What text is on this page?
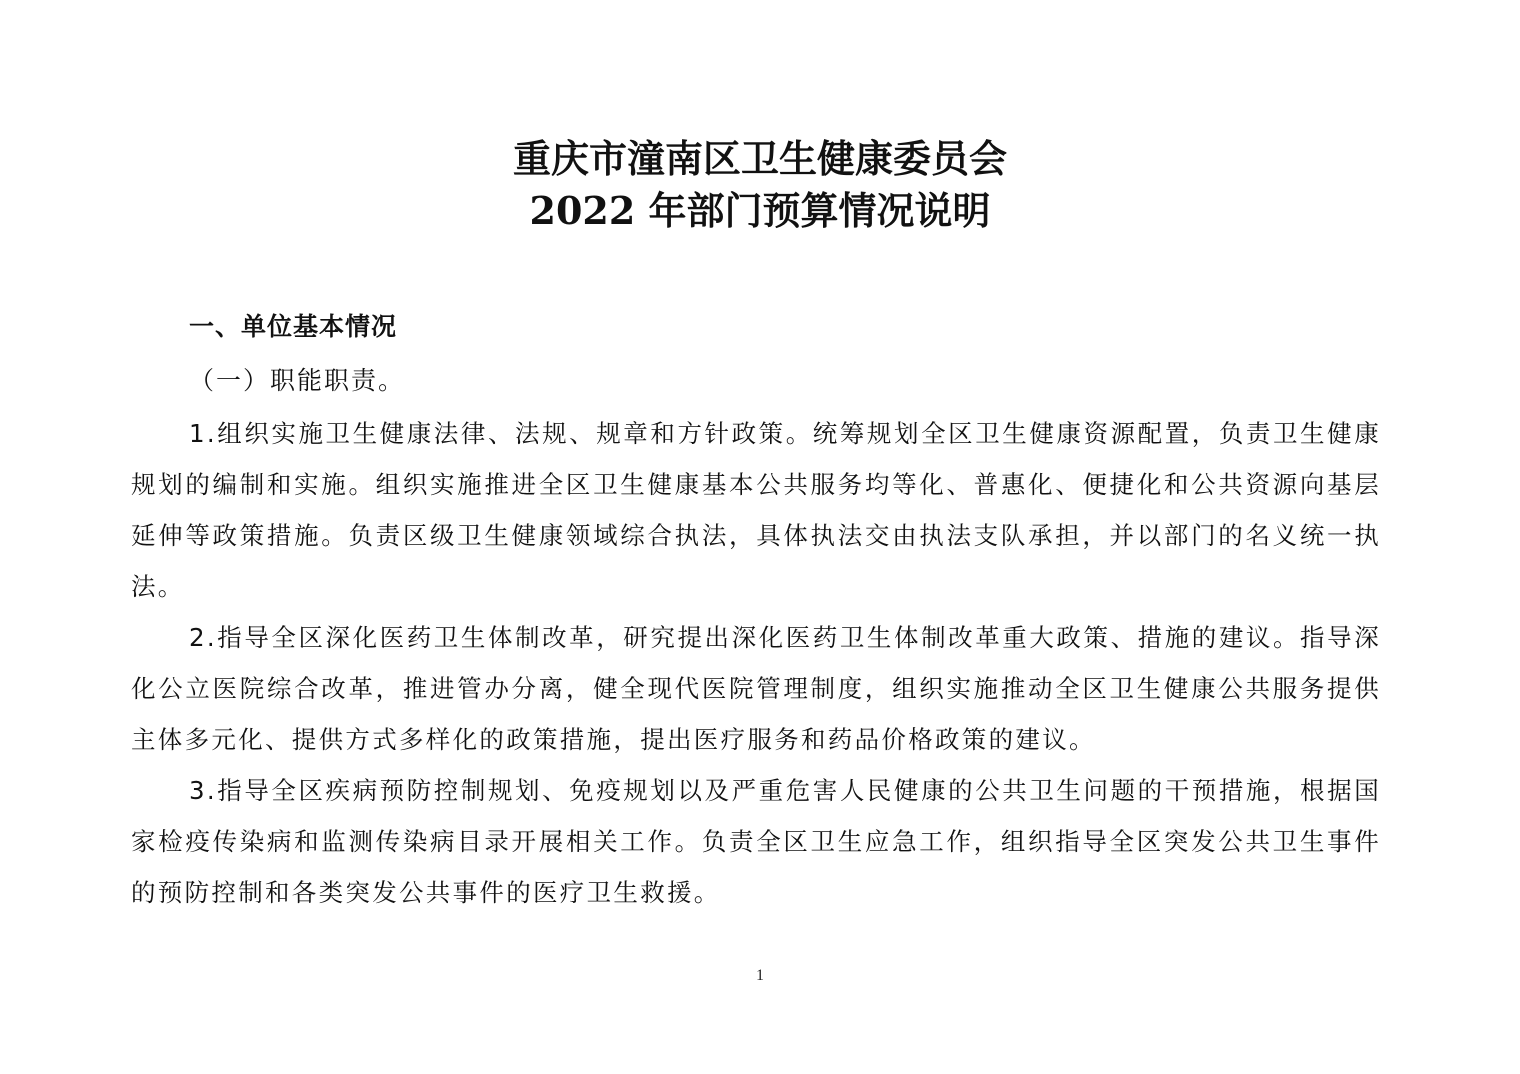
重庆市潼南区卫生健康委员会
2022 年部门预算情况说明
一、单位基本情况
（一）职能职责。

1.组织实施卫生健康法律、法规、规章和方针政策。统筹规划全区卫生健康资源配置，负责卫生健康规划的编制和实施。组织实施推进全区卫生健康基本公共服务均等化、普惠化、便捷化和公共资源向基层延伸等政策措施。负责区级卫生健康领域综合执法，具体执法交由执法支队承担，并以部门的名义统一执法。

2.指导全区深化医药卫生体制改革，研究提出深化医药卫生体制改革重大政策、措施的建议。指导深化公立医院综合改革，推进管办分离，健全现代医院管理制度，组织实施推动全区卫生健康公共服务提供主体多元化、提供方式多样化的政策措施，提出医疗服务和药品价格政策的建议。

3.指导全区疾病预防控制规划、免疫规划以及严重危害人民健康的公共卫生问题的干预措施，根据国家检疫传染病和监测传染病目录开展相关工作。负责全区卫生应急工作，组织指导全区突发公共卫生事件的预防控制和各类突发公共事件的医疗卫生救援。

1
